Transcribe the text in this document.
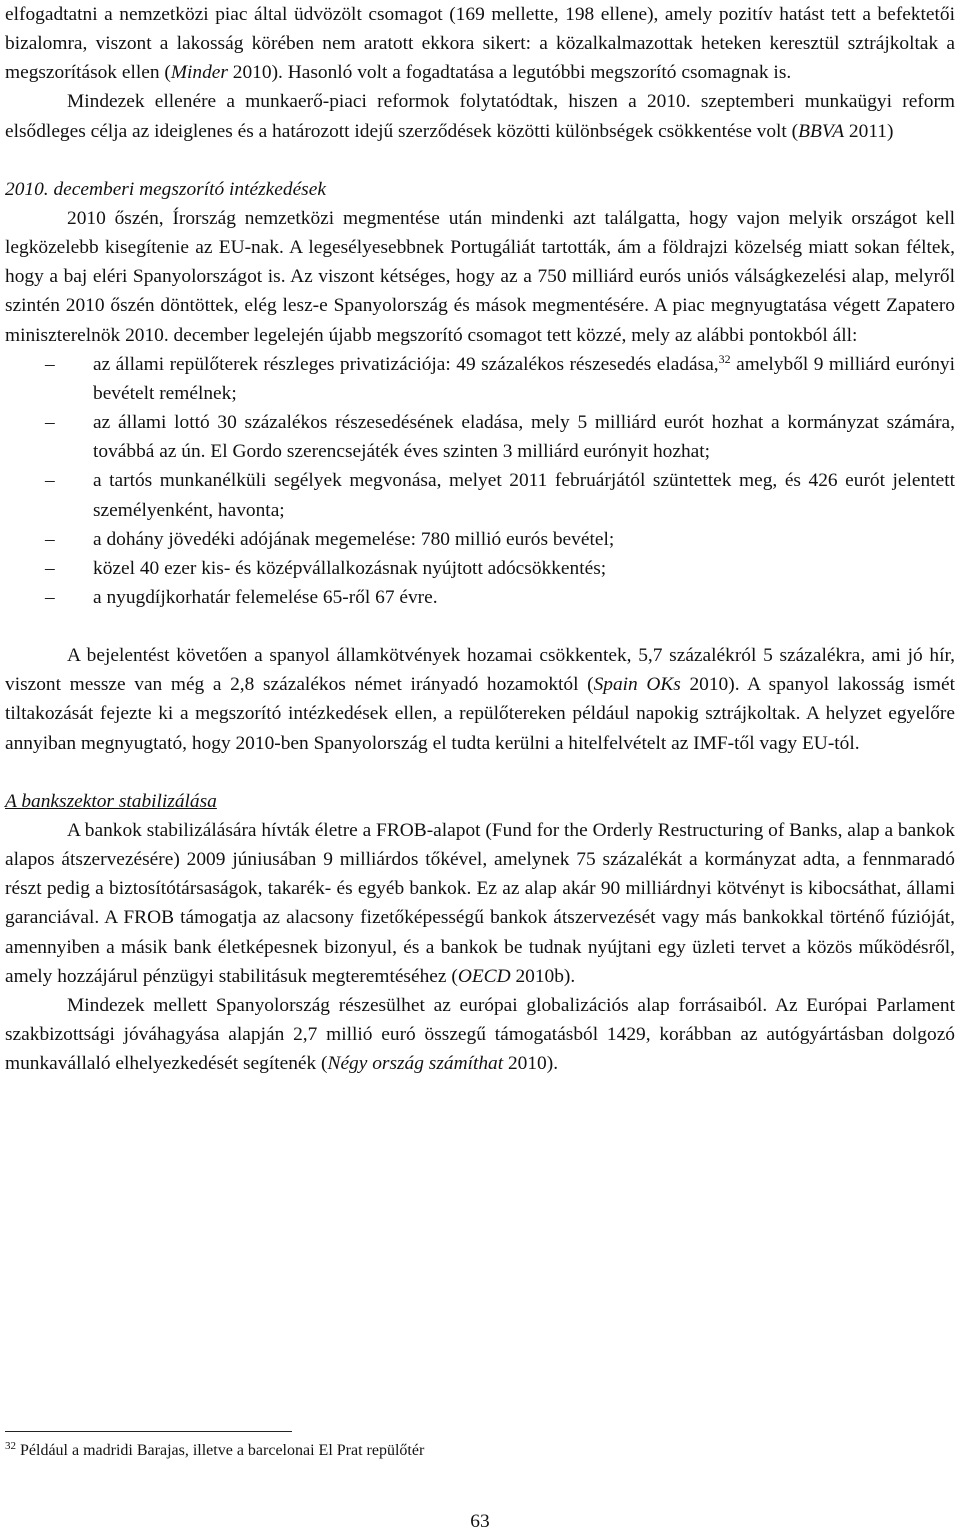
elfogadtatni a nemzetközi piac által üdvözölt csomagot (169 mellette, 198 ellene), amely pozitív hatást tett a befektetői bizalomra, viszont a lakosság körében nem aratott ekkora sikert: a közalkalmazottak heteken keresztül sztrájkoltak a megszorítások ellen (Minder 2010). Hasonló volt a fogadtatása a legutóbbi megszorító csomagnak is.

Mindezek ellenére a munkaerő-piaci reformok folytatódtak, hiszen a 2010. szeptemberi munkaügyi reform elsődleges célja az ideiglenes és a határozott idejű szerződések közötti különbségek csökkentése volt (BBVA 2011)

2010. decemberi megszorító intézkedések

2010 őszén, Írország nemzetközi megmentése után mindenki azt találgatta, hogy vajon melyik országot kell legközelebb kisegítenie az EU-nak. A legesélyesebbnek Portugáliát tartották, ám a földrajzi közelség miatt sokan féltek, hogy a baj eléri Spanyolországot is. Az viszont kétséges, hogy az a 750 milliárd eurós uniós válságkezelési alap, melyről szintén 2010 őszén döntöttek, elég lesz-e Spanyolország és mások megmentésére. A piac megnyugtatása végett Zapatero miniszterelnök 2010. december legelején újabb megszorító csomagot tett közzé, mely az alábbi pontokból áll:

– az állami repülőterek részleges privatizációja: 49 százalékos részesedés eladása,$^{32}$ amelyből 9 milliárd eurónyi bevételt remélnek;
– az állami lottó 30 százalékos részesedésének eladása, mely 5 milliárd eurót hozhat a kormányzat számára, továbbá az ún. El Gordo szerencsejáték éves szinten 3 milliárd eurónyit hozhat;
– a tartós munkanélküli segélyek megvonása, melyet 2011 februárjától szüntettek meg, és 426 eurót jelentett személyenként, havonta;
– a dohány jövedéki adójának megemelése: 780 millió eurós bevétel;
– közel 40 ezer kis- és középvállalkozásnak nyújtott adócsökkentés;
– a nyugdíjkorhatár felemelése 65-ről 67 évre.

A bejelentést követően a spanyol államkötvények hozamai csökkentek, 5,7 százalékról 5 százalékra, ami jó hír, viszont messze van még a 2,8 százalékos német irányadó hozamoktól (Spain OKs 2010). A spanyol lakosság ismét tiltakozását fejezte ki a megszorító intézkedések ellen, a repülőtereken például napokig sztrájkoltak. A helyzet egyelőre annyiban megnyugtató, hogy 2010-ben Spanyolország el tudta kerülni a hitelfelvételt az IMF-től vagy EU-tól.

A bankszektor stabilizálása

A bankok stabilizálására hívták életre a FROB-alapot (Fund for the Orderly Restructuring of Banks, alap a bankok alapos átszervezésére) 2009 júniusában 9 milliárdos tőkével, amelynek 75 százalékát a kormányzat adta, a fennmaradó részt pedig a biztosítótársaságok, takarék- és egyéb bankok. Ez az alap akár 90 milliárdnyi kötvényt is kibocsáthat, állami garanciával. A FROB támogatja az alacsony fizetőképességű bankok átszervezését vagy más bankokkal történő fúzióját, amennyiben a másik bank életképesnek bizonyul, és a bankok be tudnak nyújtani egy üzleti tervet a közös működésről, amely hozzájárul pénzügyi stabilitásuk megteremtéséhez (OECD 2010b).

Mindezek mellett Spanyolország részesülhet az európai globalizációs alap forrásaiból. Az Európai Parlament szakbizottsági jóváhagyása alapján 2,7 millió euró összegű támogatásból 1429, korábban az autógyártásban dolgozó munkavállaló elhelyezkedését segítenék (Négy ország számíthat 2010).

$^{32}$ Például a madridi Barajas, illetve a barcelonai El Prat repülőtér
63
